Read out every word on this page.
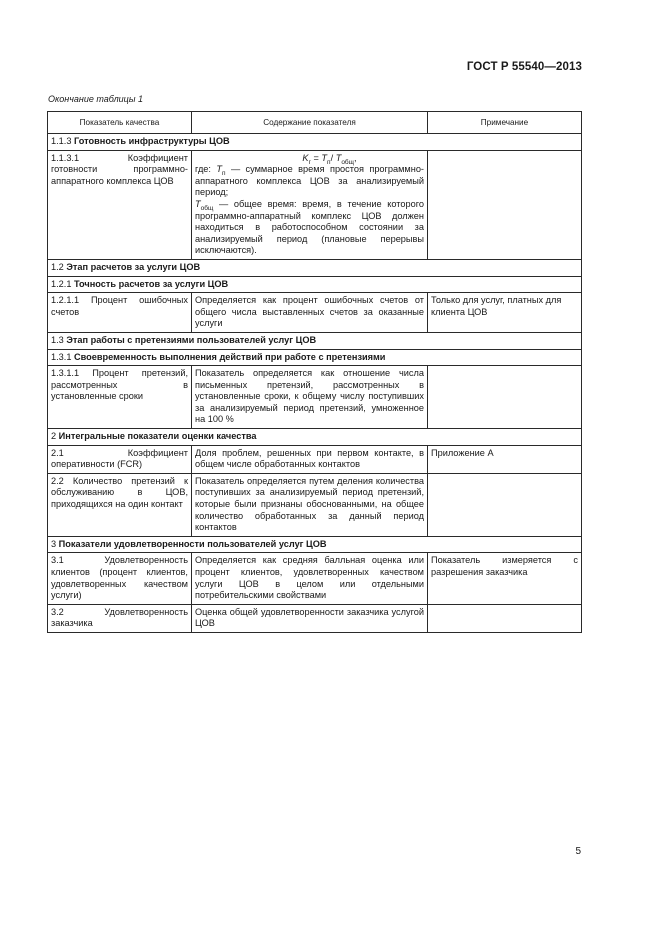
ГОСТ Р 55540—2013
Окончание таблицы 1
Показатель качества	Содержание показателя	Примечание
1.1.3 Готовность инфраструктуры ЦОВ		
1.1.3.1 Коэффициент готовности программно-аппаратного комплекса ЦОВ	$K_г = T_п/$ $T_{общ}$,
где: $T_п$ — суммарное время простоя программно-аппаратного комплекса ЦОВ за анализируемый период;
$T_{общ}$ — общее время: время, в течение которого программно-аппаратный комплекс ЦОВ должен находиться в работоспособном состоянии за анализируемый период (плановые перерывы исключаются).	

1.2 Этап расчетов за услуги ЦОВ		
1.2.1 Точность расчетов за услуги ЦОВ		
1.2.1.1 Процент ошибочных счетов	Определяется как процент ошибочных счетов от общего числа выставленных счетов за оказанные услуги	Только для услуг, платных для клиента ЦОВ
1.3 Этап работы с претензиями пользователей услуг ЦОВ		
1.3.1 Своевременность выполнения действий при работе с претензиями		
1.3.1.1 Процент претензий, рассмотренных в установленные сроки	Показатель определяется как отношение числа письменных претензий, рассмотренных в установленные сроки, к общему числу поступивших за анализируемый период претензий, умноженное на 100 %	
2 Интегральные показатели оценки качества		
2.1 Коэффициент оперативности (FCR)	Доля проблем, решенных при первом контакте, в общем числе обработанных контактов	Приложение А
2.2 Количество претензий к обслуживанию в ЦОВ, приходящихся на один контакт	Показатель определяется путем деления количества поступивших за анализируемый период претензий, которые были признаны обоснованными, на общее количество обработанных за данный период контактов	
3 Показатели удовлетворенности пользователей услуг ЦОВ		
3.1 Удовлетворенность клиентов (процент клиентов, удовлетворенных качеством услуги)	Определяется как средняя балльная оценка или процент клиентов, удовлетворенных качеством услуги ЦОВ в целом или отдельными потребительскими свойствами	Показатель измеряется с разрешения заказчика
3.2 Удовлетворенность заказчика	Оценка общей удовлетворенности заказчика услугой ЦОВ	
5
